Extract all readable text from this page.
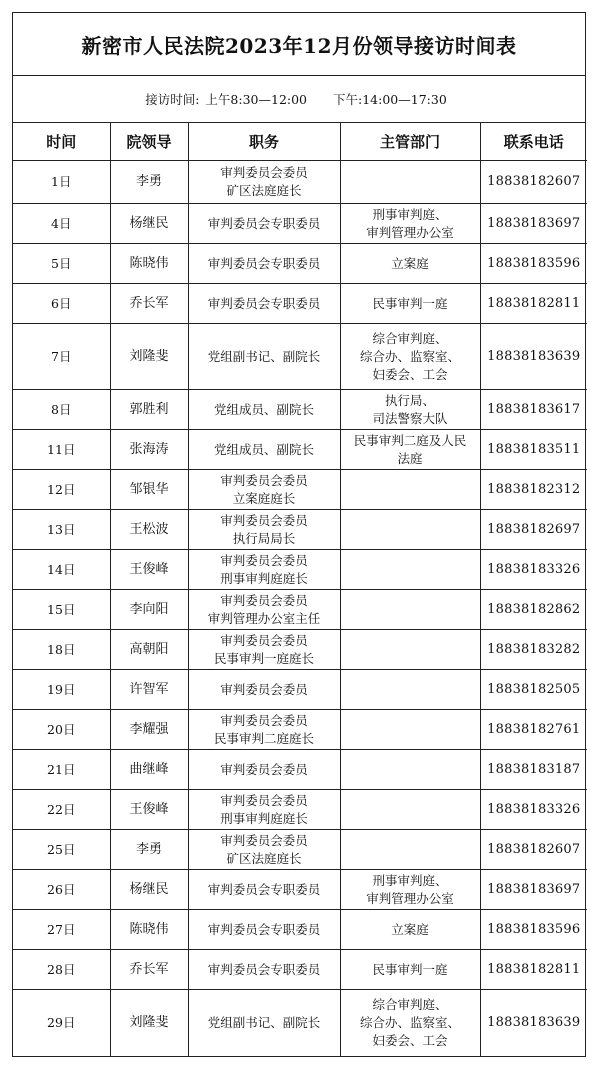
新密市人民法院2023年12月份领导接访时间表
接访时间: 上午8:30—12:00 下午:14:00—17:30
时间	院领导	职务	主管部门	联系电话
1日	李勇	审判委员会委员
矿区法庭庭长		18838182607
4日	杨继民	审判委员会专职委员	刑事审判庭、
审判管理办公室	18838183697
5日	陈晓伟	审判委员会专职委员	立案庭	18838183596
6日	乔长军	审判委员会专职委员	民事审判一庭	18838182811
7日	刘隆斐	党组副书记、副院长	综合审判庭、
综合办、监察室、
妇委会、工会	18838183639
8日	郭胜利	党组成员、副院长	执行局、
司法警察大队	18838183617
11日	张海涛	党组成员、副院长	民事审判二庭及人民
法庭	18838183511
12日	邹银华	审判委员会委员
立案庭庭长		18838182312
13日	王松波	审判委员会委员
执行局局长		18838182697
14日	王俊峰	审判委员会委员
刑事审判庭庭长		18838183326
15日	李向阳	审判委员会委员
审判管理办公室主任		18838182862
18日	高朝阳	审判委员会委员
民事审判一庭庭长		18838183282
19日	许智军	审判委员会委员		18838182505
20日	李耀强	审判委员会委员
民事审判二庭庭长		18838182761
21日	曲继峰	审判委员会委员		18838183187
22日	王俊峰	审判委员会委员
刑事审判庭庭长		18838183326
25日	李勇	审判委员会委员
矿区法庭庭长		18838182607
26日	杨继民	审判委员会专职委员	刑事审判庭、
审判管理办公室	18838183697
27日	陈晓伟	审判委员会专职委员	立案庭	18838183596
28日	乔长军	审判委员会专职委员	民事审判一庭	18838182811
29日	刘隆斐	党组副书记、副院长	综合审判庭、
综合办、监察室、
妇委会、工会	18838183639
